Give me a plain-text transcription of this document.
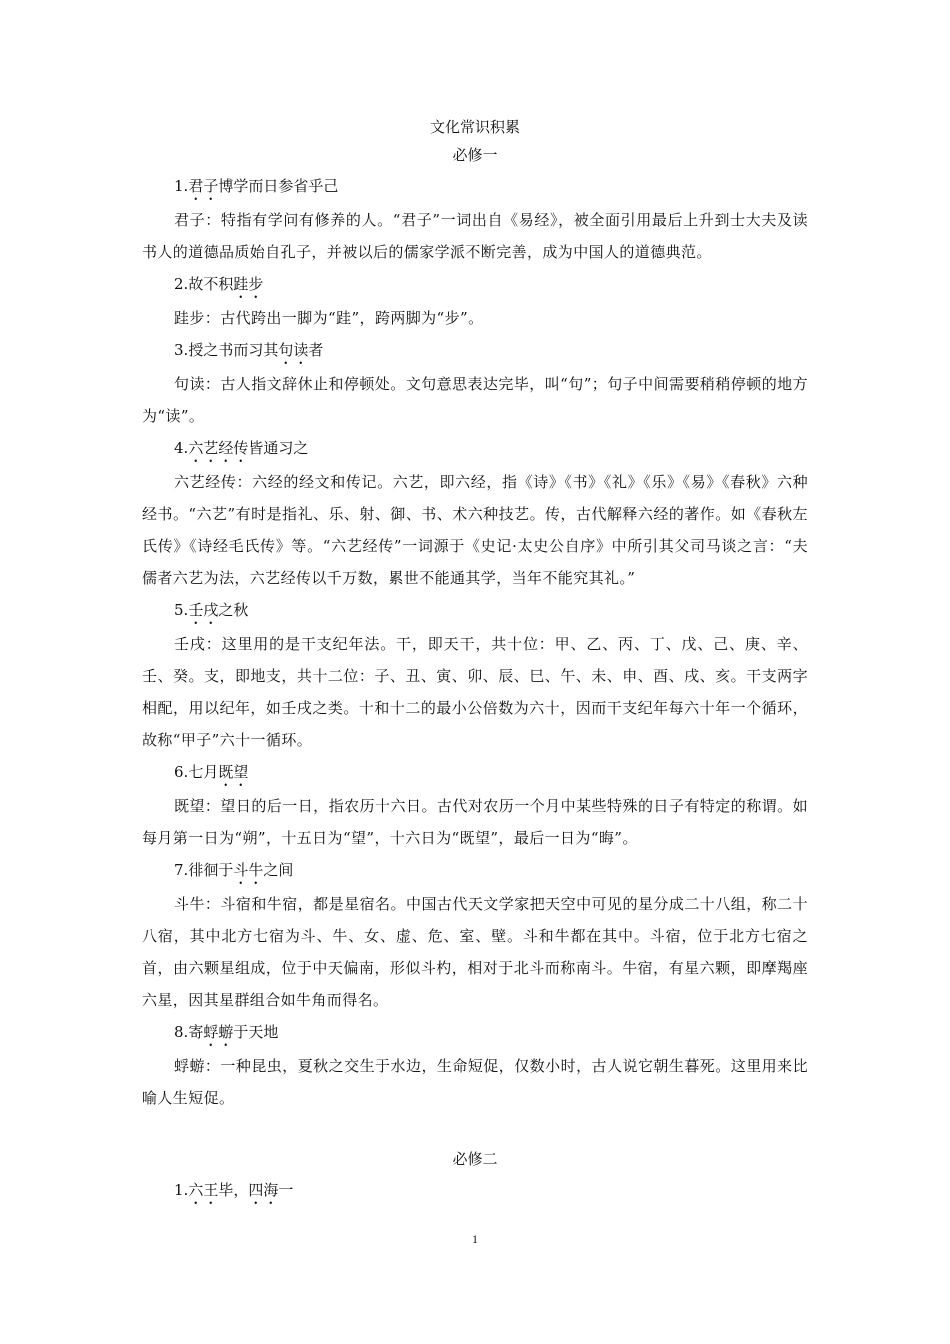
文化常识积累
必修一

1.君子博学而日参省乎己

君子：特指有学问有修养的人。“君子”一词出自《易经》，被全面引用最后上升到士大夫及读书人的道德品质始自孔子，并被以后的儒家学派不断完善，成为中国人的道德典范。

2.故不积跬步

跬步：古代跨出一脚为“跬”，跨两脚为“步”。

3.授之书而习其句读者

句读：古人指文辞休止和停顿处。文句意思表达完毕，叫“句”；句子中间需要稍稍停顿的地方为“读”。

4.六艺经传皆通习之

六艺经传：六经的经文和传记。六艺，即六经，指《诗》《书》《礼》《乐》《易》《春秋》六种经书。“六艺”有时是指礼、乐、射、御、书、术六种技艺。传，古代解释六经的著作。如《春秋左氏传》《诗经毛氏传》等。“六艺经传”一词源于《史记·太史公自序》中所引其父司马谈之言：“夫儒者六艺为法，六艺经传以千万数，累世不能通其学，当年不能究其礼。”

5.壬戌之秋

壬戌：这里用的是干支纪年法。干，即天干，共十位：甲、乙、丙、丁、戊、己、庚、辛、壬、癸。支，即地支，共十二位：子、丑、寅、卯、辰、巳、午、未、申、酉、戌、亥。干支两字相配，用以纪年，如壬戌之类。十和十二的最小公倍数为六十，因而干支纪年每六十年一个循环，故称“甲子”六十一循环。

6.七月既望

既望：望日的后一日，指农历十六日。古代对农历一个月中某些特殊的日子有特定的称谓。如每月第一日为“朔”，十五日为“望”，十六日为“既望”，最后一日为“晦”。

7.徘徊于斗牛之间

斗牛：斗宿和牛宿，都是星宿名。中国古代天文学家把天空中可见的星分成二十八组，称二十八宿，其中北方七宿为斗、牛、女、虚、危、室、壁。斗和牛都在其中。斗宿，位于北方七宿之首，由六颗星组成，位于中天偏南，形似斗杓，相对于北斗而称南斗。牛宿，有星六颗，即摩羯座六星，因其星群组合如牛角而得名。

8.寄蜉蝣于天地

蜉蝣：一种昆虫，夏秋之交生于水边，生命短促，仅数小时，古人说它朝生暮死。这里用来比喻人生短促。

必修二

1.六王毕，四海一

1
